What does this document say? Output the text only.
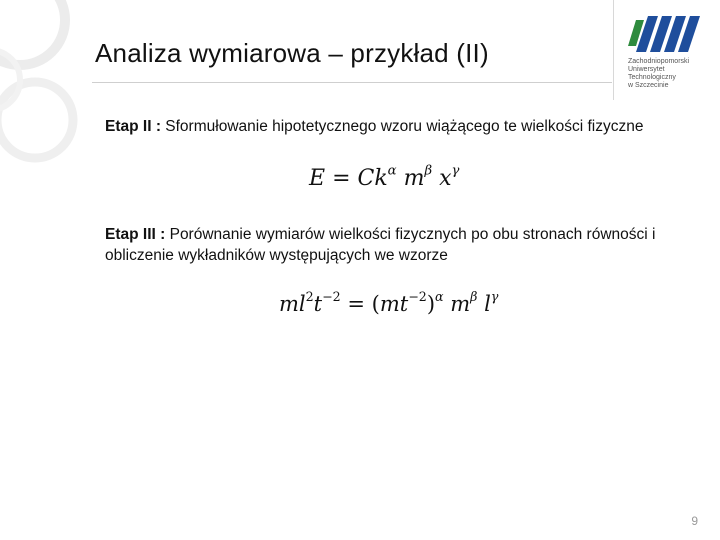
Analiza wymiarowa – przykład (II)	Zachodniopomorski
Uniwersytet
Technologiczny
w Szczecinie
Etap II : Sformułowanie hipotetycznego wzoru wiążącego te wielkości fizyczne
$E = Ck^\alpha$ $m^\beta$ $x^\gamma$
Etap III : Porównanie wymiarów wielkości fizycznych po obu stronach równości i obliczenie wykładników występujących we wzorze
$ml^2t^{-2} = (mt^{-2})^\alpha$ $m^\beta$ $l^\gamma$
9
